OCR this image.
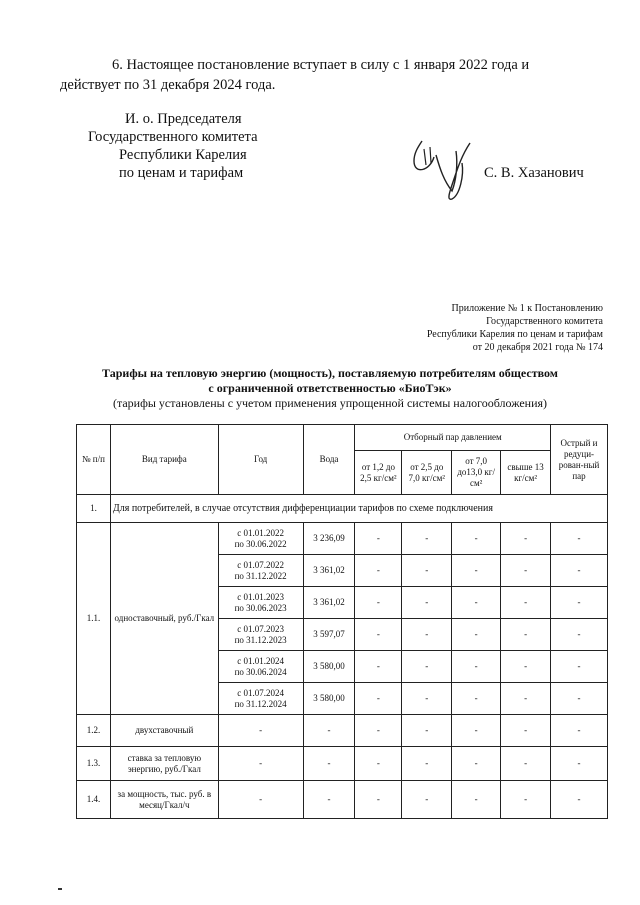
6. Настоящее постановление вступает в силу с 1 января 2022 года и
действует по 31 декабря 2024 года.
И. о. Председателя
Государственного комитета
Республики Карелия
по ценам и тарифам	С. В. Хазанович
Приложение № 1 к Постановлению
Государственного комитета
Республики Карелия по ценам и тарифам
от 20 декабря 2021 года № 174
Тарифы на тепловую энергию (мощность), поставляемую потребителям обществом
с ограниченной ответственностью «БиоТэк»
(тарифы установлены с учетом применения упрощенной системы налогообложения)
№ п/п	Вид тарифа	Год	Вода	Отборный пар давлением				Острый и редуци-рован-ный пар
				от 1,2 до 2,5 кг/см²	от 2,5 до 7,0 кг/см²	от 7,0 до13,0 кг/см²	свыше 13 кг/см²	
1.	Для потребителей, в случае отсутствия дифференциации тарифов по схеме подключения							
1.1.	одноставочный, руб./Гкал	с 01.01.2022
по 30.06.2022	3 236,09	-	-	-	-	-

		с 01.07.2022
по 31.12.2022	3 361,02	-	-	-	-	-

		с 01.01.2023
по 30.06.2023	3 361,02	-	-	-	-	-

		с 01.07.2023
по 31.12.2023	3 597,07	-	-	-	-	-

		с 01.01.2024
по 30.06.2024	3 580,00	-	-	-	-	-

		с 01.07.2024
по 31.12.2024	3 580,00	-	-	-	-	-
1.2.	двухставочный	-	-	-	-	-	-	-
1.3.	ставка за тепловую энергию, руб./Гкал	-	-	-	-	-	-	-
1.4.	за мощность, тыс. руб. в месяц/Гкал/ч	-	-	-	-	-	-	-
